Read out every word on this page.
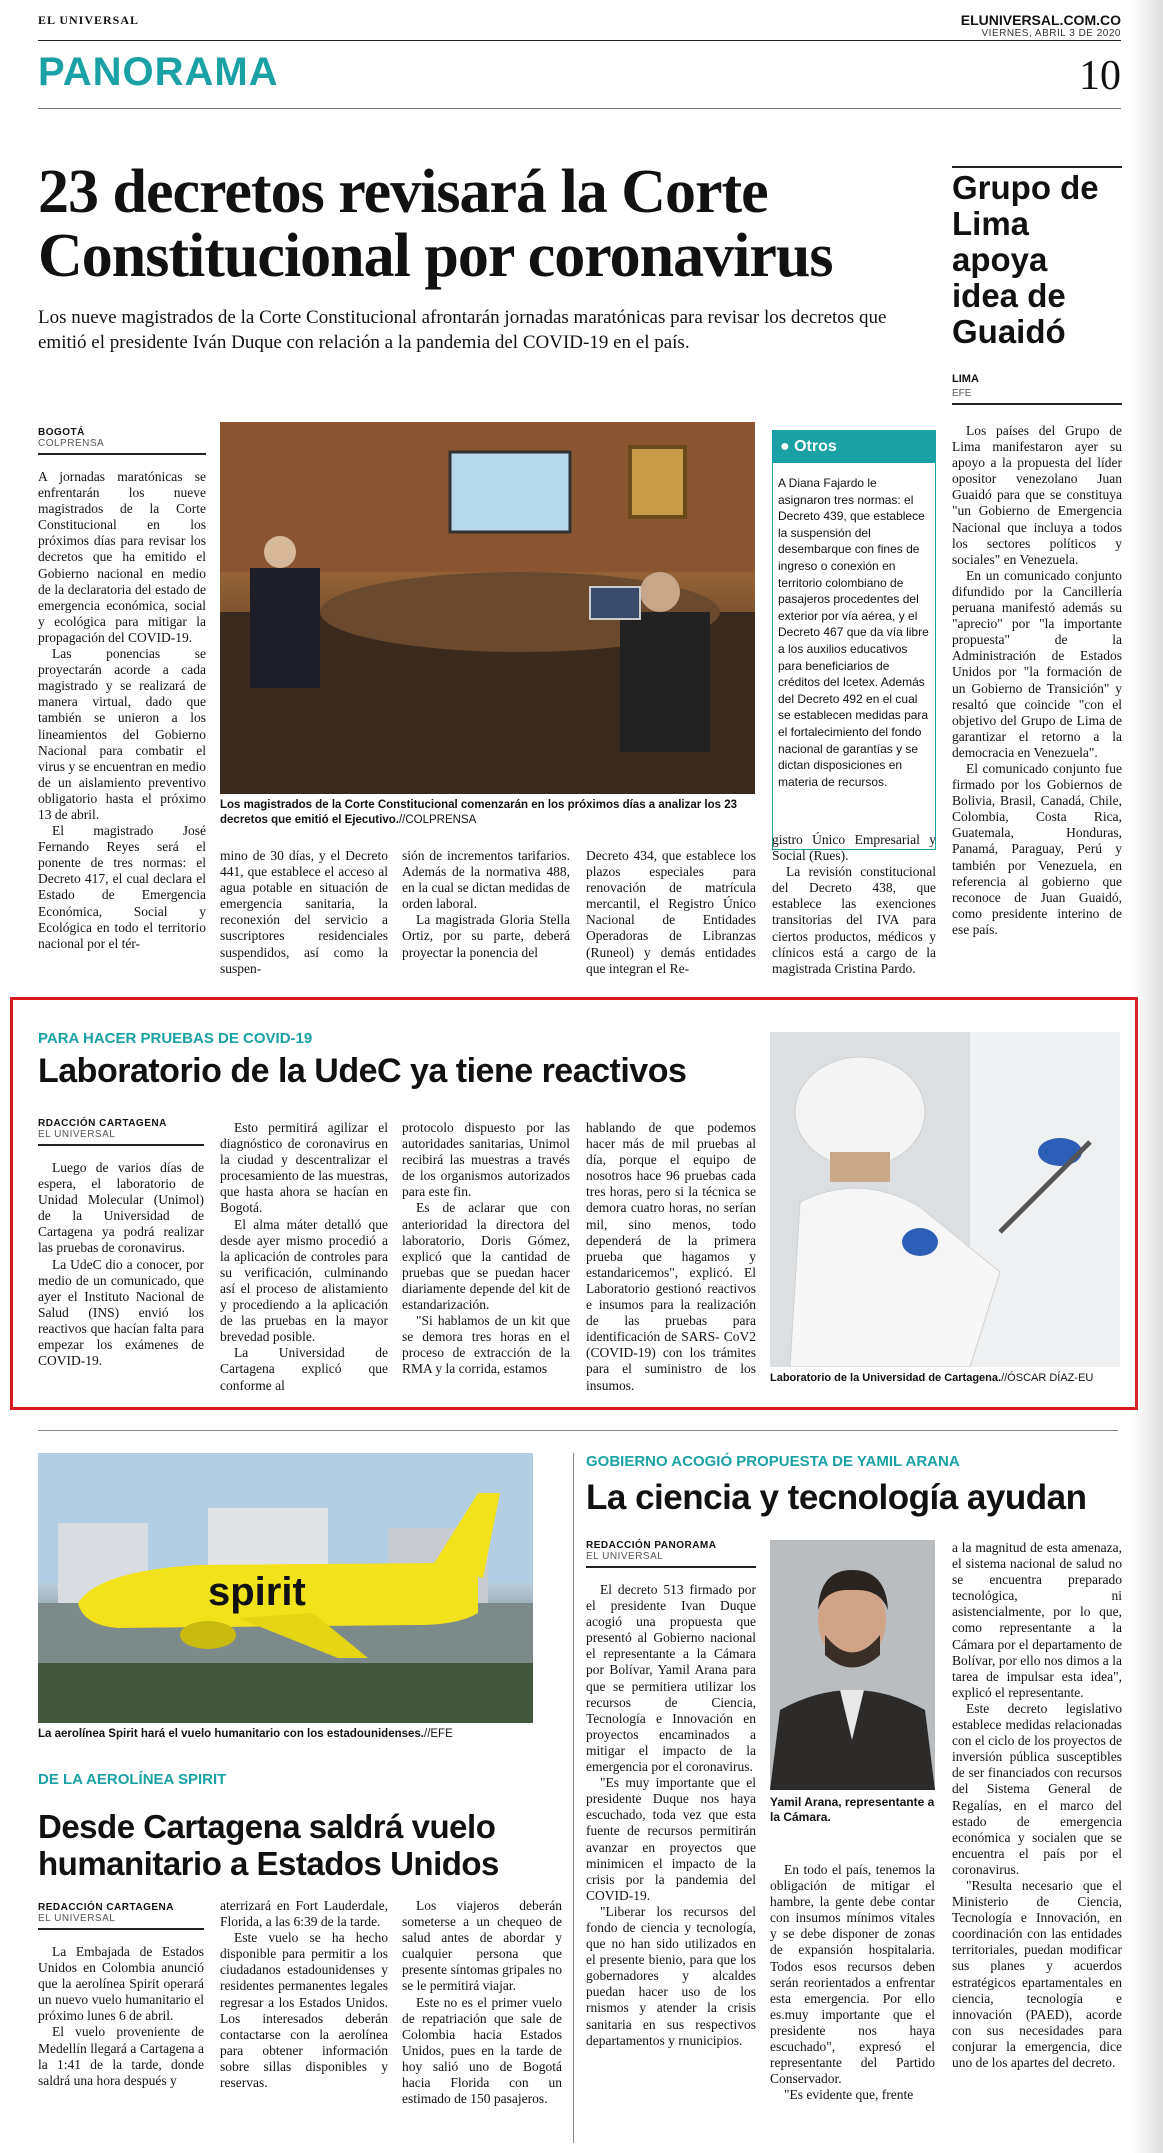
EL UNIVERSAL	ELUNIVERSAL.COM.CO
VIERNES, ABRIL 3 DE 2020
PANORAMA	10
23 decretos revisará la Corte Constitucional por coronavirus
Los nueve magistrados de la Corte Constitucional afrontarán jornadas maratónicas para revisar los decretos que emitió el presidente Iván Duque con relación a la pandemia del COVID-19 en el país.
BOGOTÁ
COLPRENSA

A jornadas maratónicas se enfrentarán los nueve magistrados de la Corte Constitucional en los próximos días para revisar los decretos que ha emitido el Gobierno nacional en medio de la declaratoria del estado de emergencia económica, social y ecológica para mitigar la propagación del COVID-19.

Las ponencias se proyectarán acorde a cada magistrado y se realizará de manera virtual, dado que también se unieron a los lineamientos del Gobierno Nacional para combatir el virus y se encuentran en medio de un aislamiento preventivo obligatorio hasta el próximo 13 de abril.

El magistrado José Fernando Reyes será el ponente de tres normas: el Decreto 417, el cual declara el Estado de Emergencia Económica, Social y Ecológica en todo el territorio nacional por el tér-

Los magistrados de la Corte Constitucional comenzarán en los próximos días a analizar los 23 decretos que emitió el Ejecutivo.//COLPRENSA
● Otros
A Diana Fajardo le asignaron tres normas: el Decreto 439, que establece la suspensión del desembarque con fines de ingreso o conexión en territorio colombiano de pasajeros procedentes del exterior por vía aérea, y el Decreto 467 que da vía libre a los auxilios educativos para beneficiarios de créditos del Icetex. Además del Decreto 492 en el cual se establecen medidas para el fortalecimiento del fondo nacional de garantías y se dictan disposiciones en materia de recursos.

mino de 30 días, y el Decreto 441, que establece el acceso al agua potable en situación de emergencia sanitaria, la reconexión del servicio a suscriptores residenciales suspendidos, así como la suspen-

sión de incrementos tarifarios. Además de la normativa 488, en la cual se dictan medidas de orden laboral.

La magistrada Gloria Stella Ortiz, por su parte, deberá proyectar la ponencia del

Decreto 434, que establece los plazos especiales para renovación de matrícula mercantil, el Registro Único Nacional de Entidades Operadoras de Libranzas (Runeol) y demás entidades que integran el Re-

gistro Único Empresarial y Social (Rues).

La revisión constitucional del Decreto 438, que establece las exenciones transitorias del IVA para ciertos productos, médicos y clínicos está a cargo de la magistrada Cristina Pardo.

Grupo de Lima apoya idea de Guaidó
LIMA
EFE

Los países del Grupo de Lima manifestaron ayer su apoyo a la propuesta del líder opositor venezolano Juan Guaidó para que se constituya "un Gobierno de Emergencia Nacional que incluya a todos los sectores políticos y sociales" en Venezuela.

En un comunicado conjunto difundido por la Cancillería peruana manifestó además su "aprecio" por "la importante propuesta" de la Administración de Estados Unidos por "la formación de un Gobierno de Transición" y resaltó que coincide "con el objetivo del Grupo de Lima de garantizar el retorno a la democracia en Venezuela".

El comunicado conjunto fue firmado por los Gobiernos de Bolivia, Brasil, Canadá, Chile, Colombia, Costa Rica, Guatemala, Honduras, Panamá, Paraguay, Perú y también por Venezuela, en referencia al gobierno que reconoce de Juan Guaidó, como presidente interino de ese país.

PARA HACER PRUEBAS DE COVID-19
Laboratorio de la UdeC ya tiene reactivos
RDACCIÓN CARTAGENA
EL UNIVERSAL

Luego de varios días de espera, el laboratorio de Unidad Molecular (Unimol) de la Universidad de Cartagena ya podrá realizar las pruebas de coronavirus.

La UdeC dio a conocer, por medio de un comunicado, que ayer el Instituto Nacional de Salud (INS) envió los reactivos que hacían falta para empezar los exámenes de COVID-19.

Esto permitirá agilizar el diagnóstico de coronavirus en la ciudad y descentralizar el procesamiento de las muestras, que hasta ahora se hacían en Bogotá.

El alma máter detalló que desde ayer mismo procedió a la aplicación de controles para su verificación, culminando así el proceso de alistamiento y procediendo a la aplicación de las pruebas en la mayor brevedad posible.

La Universidad de Cartagena explicó que conforme al

protocolo dispuesto por las autoridades sanitarias, Unimol recibirá las muestras a través de los organismos autorizados para este fin.

Es de aclarar que con anterioridad la directora del laboratorio, Doris Gómez, explicó que la cantidad de pruebas que se puedan hacer diariamente depende del kit de estandarización.

"Si hablamos de un kit que se demora tres horas en el proceso de extracción de la RMA y la corrida, estamos

hablando de que podemos hacer más de mil pruebas al día, porque el equipo de nosotros hace 96 pruebas cada tres horas, pero si la técnica se demora cuatro horas, no serían mil, sino menos, todo dependerá de la primera prueba que hagamos y estandaricemos", explicó. El Laboratorio gestionó reactivos e insumos para la realización de las pruebas para identificación de SARS- CoV2 (COVID-19) con los trámites para el suministro de los insumos.	Laboratorio de la Universidad de Cartagena.//ÓSCAR DÍAZ-EU
spirit
La aerolínea Spirit hará el vuelo humanitario con los estadounidenses.//EFE
DE LA AEROLÍNEA SPIRIT
Desde Cartagena saldrá vuelo humanitario a Estados Unidos
REDACCIÓN CARTAGENA
EL UNIVERSAL

La Embajada de Estados Unidos en Colombia anunció que la aerolínea Spirit operará un nuevo vuelo humanitario el próximo lunes 6 de abril.

El vuelo proveniente de Medellín llegará a Cartagena a la 1:41 de la tarde, donde saldrá una hora después y

aterrizará en Fort Lauderdale, Florida, a las 6:39 de la tarde.

Este vuelo se ha hecho disponible para permitir a los ciudadanos estadounidenses y residentes permanentes legales regresar a los Estados Unidos. Los interesados deberán contactarse con la aerolínea para obtener información sobre sillas disponibles y reservas.

Los viajeros deberán someterse a un chequeo de salud antes de abordar y cualquier persona que presente síntomas gripales no se le permitirá viajar.

Este no es el primer vuelo de repatriación que sale de Colombia hacia Estados Unidos, pues en la tarde de hoy salió uno de Bogotá hacia Florida con un estimado de 150 pasajeros.

GOBIERNO ACOGIÓ PROPUESTA DE YAMIL ARANA
La ciencia y tecnología ayudan
REDACCIÓN PANORAMA
EL UNIVERSAL

El decreto 513 firmado por el presidente Ivan Duque acogió una propuesta que presentó al Gobierno nacional el representante a la Cámara por Bolívar, Yamil Arana para que se permitiera utilizar los recursos de Ciencia, Tecnología e Innovación en proyectos encaminados a mitigar el impacto de la emergencia por el coronavirus.

"Es muy importante que el presidente Duque nos haya escuchado, toda vez que esta fuente de recursos permitirán avanzar en proyectos que minimicen el impacto de la crisis por la pandemia del COVID-19.

"Liberar los recursos del fondo de ciencia y tecnología, que no han sido utilizados en el presente bienio, para que los gobernadores y alcaldes puedan hacer uso de los rnismos y atender la crisis sanitaria en sus respectivos departamentos y rnunicipios.

Yamil Arana, representante a la Cámara.

En todo el país, tenemos la obligación de mitigar el hambre, la gente debe contar con insumos mínimos vitales y se debe disponer de zonas de expansión hospitalaria. Todos esos recursos deben serán reorientados a enfrentar esta emergencia. Por ello es.muy importante que el presidente nos haya escuchado", expresó el representante del Partido Conservador.

"Es evidente que, frente

a la magnitud de esta amenaza, el sistema nacional de salud no se encuentra preparado tecnológica, ni asistencialmente, por lo que, como representante a la Cámara por el departamento de Bolívar, por ello nos dimos a la tarea de impulsar esta idea", explicó el representante.

Este decreto legislativo establece medidas relacionadas con el ciclo de los proyectos de inversión pública susceptibles de ser financiados con recursos del Sistema General de Regalías, en el marco del estado de emergencia económica y socialen que se encuentra el país por el coronavirus.

"Resulta necesario que el Ministerio de Ciencia, Tecnología e Innovación, en coordinación con las entidades territoriales, puedan modificar sus planes y acuerdos estratégicos epartamentales en ciencia, tecnología e innovación (PAED), acorde con sus necesidades para conjurar la emergencia, dice uno de los apartes del decreto.
